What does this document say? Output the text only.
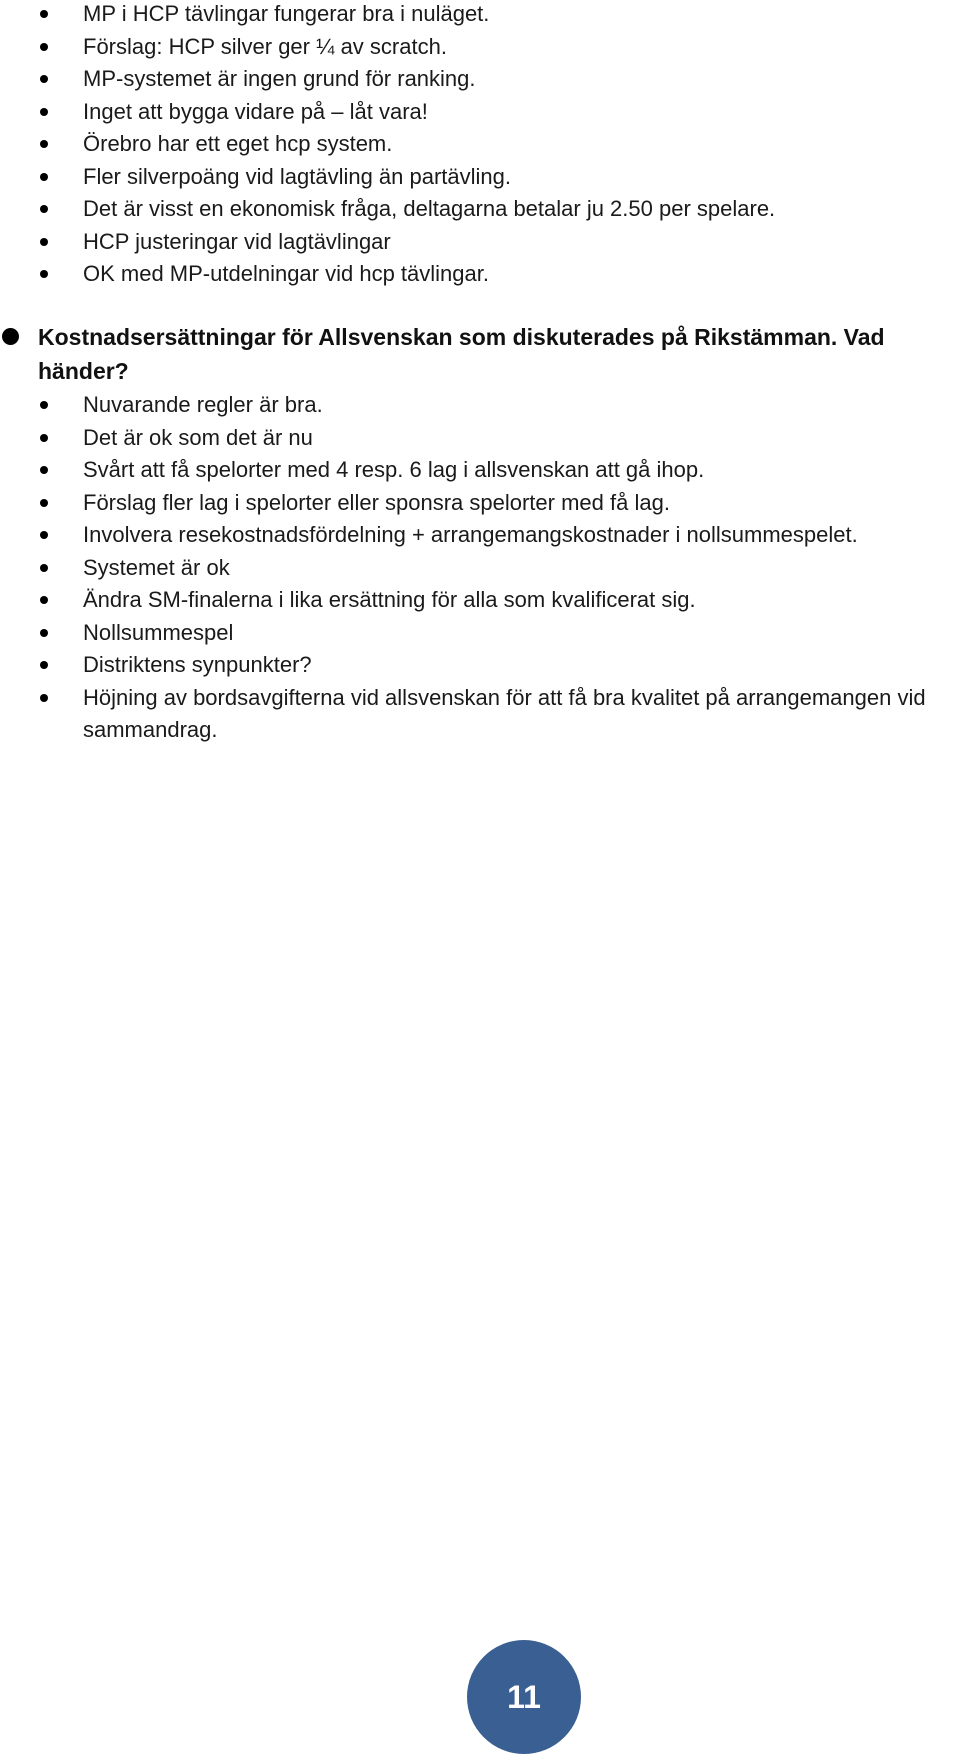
MP i HCP tävlingar fungerar bra i nuläget.
Förslag: HCP silver ger ¼ av scratch.
MP-systemet är ingen grund för ranking.
Inget att bygga vidare på – låt vara!
Örebro har ett eget hcp system.
Fler silverpoäng vid lagtävling än partävling.
Det är visst en ekonomisk fråga, deltagarna betalar ju 2.50 per spelare.
HCP justeringar vid lagtävlingar
OK med MP-utdelningar vid hcp tävlingar.
Kostnadsersättningar för Allsvenskan som diskuterades på Rikstämman. Vad händer?
Nuvarande regler är bra.
Det är ok som det är nu
Svårt att få spelorter med 4 resp. 6 lag i allsvenskan att gå ihop.
Förslag fler lag i spelorter eller sponsra spelorter med få lag.
Involvera resekostnadsfördelning + arrangemangskostnader i nollsummespelet.
Systemet är ok
Ändra SM-finalerna i lika ersättning för alla som kvalificerat sig.
Nollsummespel
Distriktens synpunkter?
Höjning av bordsavgifterna vid allsvenskan för att få bra kvalitet på arrangemangen vid sammandrag.
11
